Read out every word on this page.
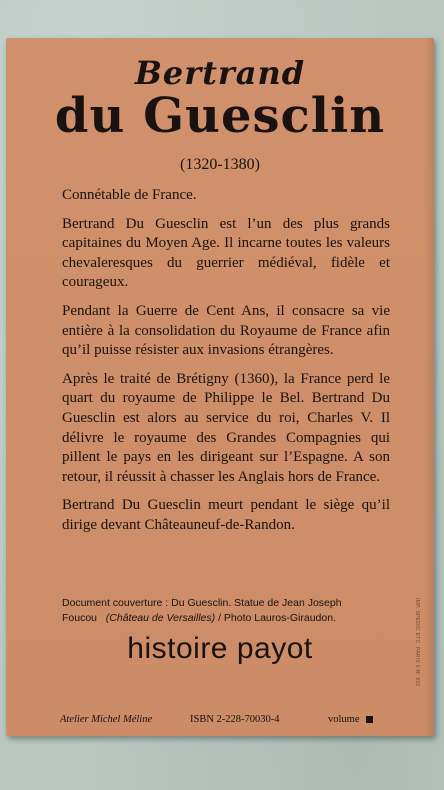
Bertrand
du Guesclin
(1320-1380)

Connétable de France.

Bertrand Du Guesclin est l’un des plus grands capitaines du Moyen Age. Il incarne toutes les valeurs chevaleresques du guerrier médiéval, fidèle et courageux.

Pendant la Guerre de Cent Ans, il consacre sa vie entière à la consolidation du Royaume de France afin qu’il puisse résister aux invasions étrangères.

Après le traité de Brétigny (1360), la France perd le quart du royaume de Philippe le Bel. Bertrand Du Guesclin est alors au service du roi, Charles V. Il délivre le royaume des Grandes Compagnies qui pillent le pays en les dirigeant sur l’Espagne. A son retour, il réussit à chasser les Anglais hors de France.

Bertrand Du Guesclin meurt pendant le siège qu’il dirige devant Châteauneuf-de-Randon.

Document couverture : Du Guesclin. Statue de Jean Joseph
Foucou (Château de Versailles) / Photo Lauros-Giraudon.
histoire payot
Atelier Michel Méline	ISBN 2-228-70030-4	volume
IMP. SPEDIC ETC. PARIS 6 Nº 932
